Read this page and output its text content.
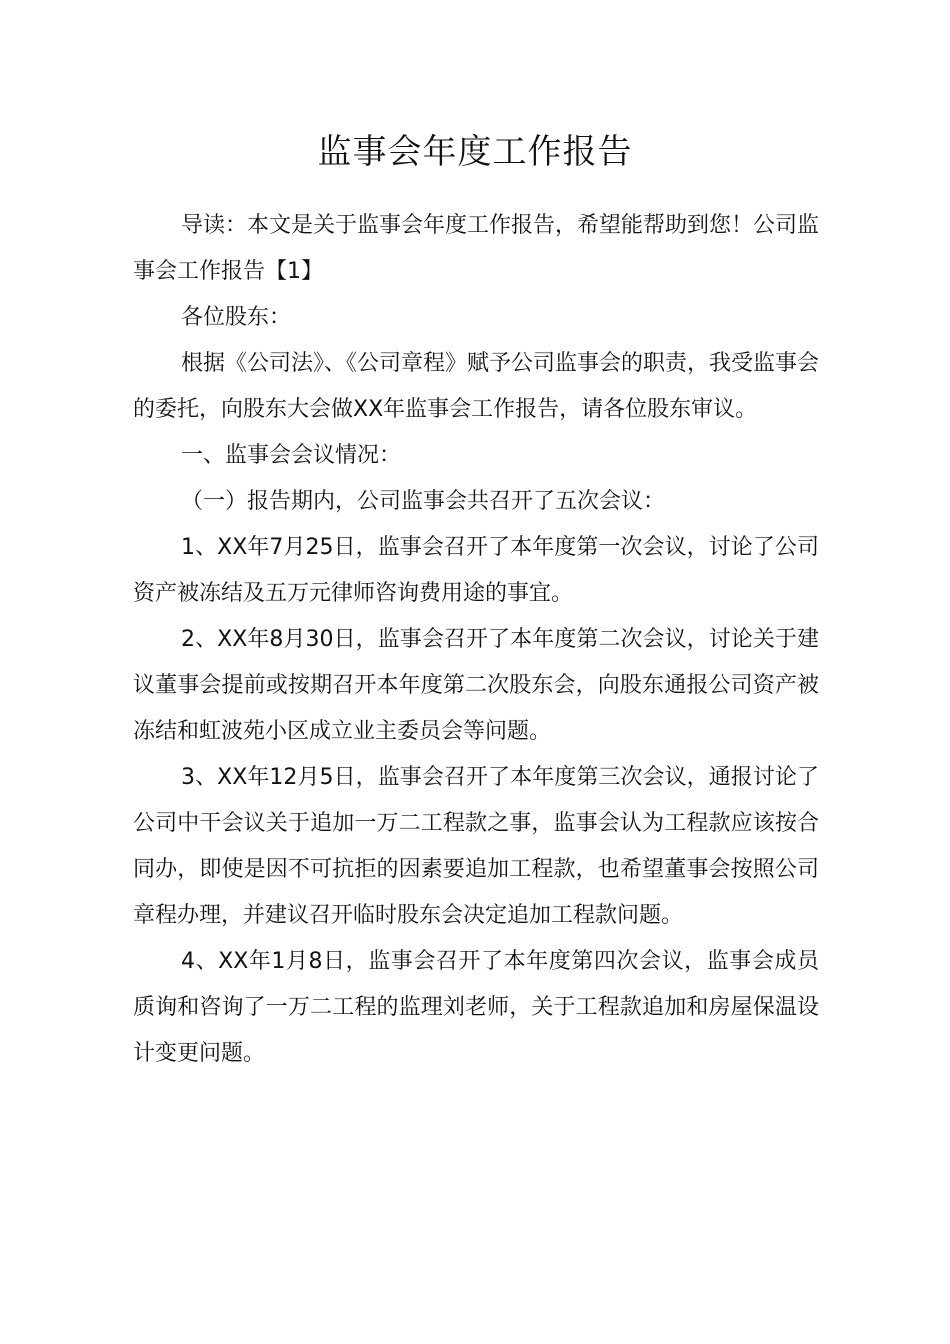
监事会年度工作报告

导读：本文是关于监事会年度工作报告，希望能帮助到您！公司监事会工作报告【1】

各位股东：

根据《公司法》、《公司章程》赋予公司监事会的职责，我受监事会的委托，向股东大会做XX年监事会工作报告，请各位股东审议。

一、监事会会议情况：

（一）报告期内，公司监事会共召开了五次会议：

1、XX年7月25日，监事会召开了本年度第一次会议，讨论了公司资产被冻结及五万元律师咨询费用途的事宜。

2、XX年8月30日，监事会召开了本年度第二次会议，讨论关于建议董事会提前或按期召开本年度第二次股东会，向股东通报公司资产被冻结和虹波苑小区成立业主委员会等问题。

3、XX年12月5日，监事会召开了本年度第三次会议，通报讨论了公司中干会议关于追加一万二工程款之事，监事会认为工程款应该按合同办，即使是因不可抗拒的因素要追加工程款，也希望董事会按照公司章程办理，并建议召开临时股东会决定追加工程款问题。

4、XX年1月8日，监事会召开了本年度第四次会议，监事会成员质询和咨询了一万二工程的监理刘老师，关于工程款追加和房屋保温设计变更问题。
